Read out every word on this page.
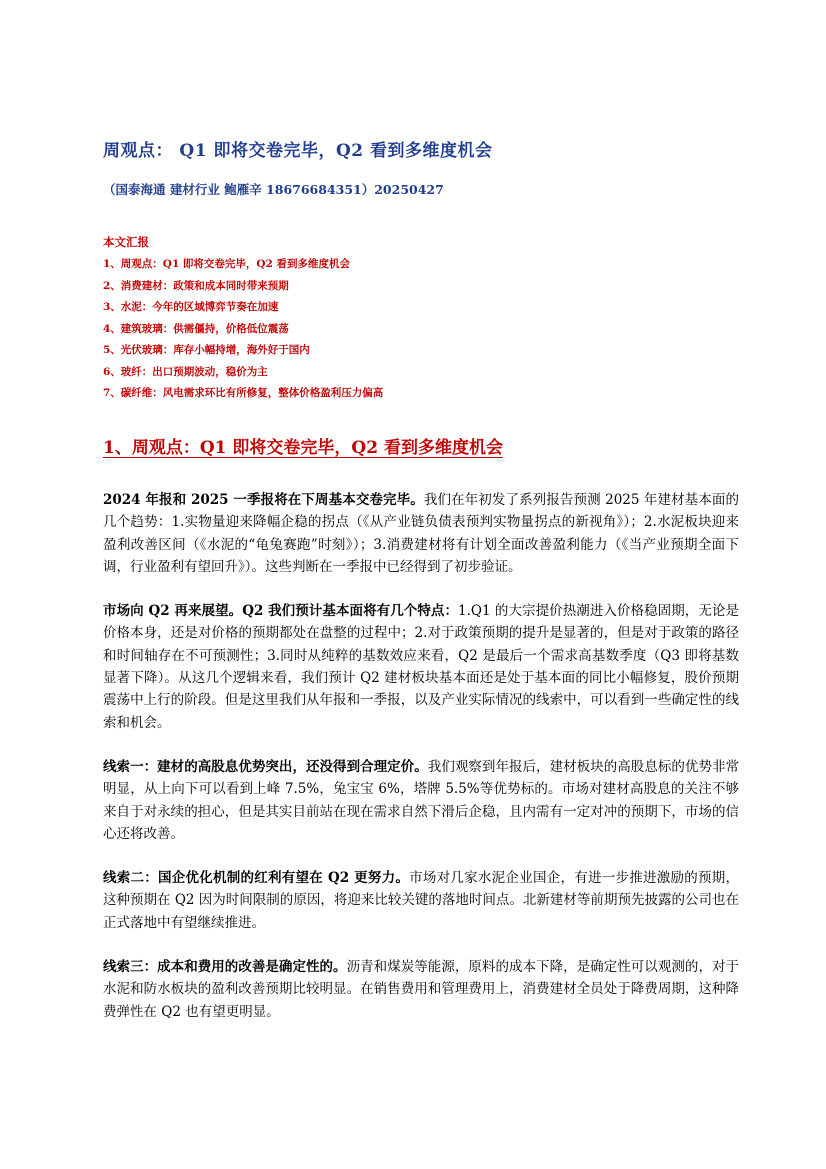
周观点： Q1 即将交卷完毕，Q2 看到多维度机会
（国泰海通 建材行业 鲍雁辛 18676684351）20250427
本文汇报
1、周观点：Q1 即将交卷完毕，Q2 看到多维度机会
2、消费建材：政策和成本同时带来预期
3、水泥：今年的区域博弈节奏在加速
4、建筑玻璃：供需僵持，价格低位震荡
5、光伏玻璃：库存小幅持增，海外好于国内
6、玻纤：出口预期波动，稳价为主
7、碳纤维：风电需求环比有所修复，整体价格盈利压力偏高
1、周观点：Q1 即将交卷完毕，Q2 看到多维度机会

2024 年报和 2025 一季报将在下周基本交卷完毕。我们在年初发了系列报告预测 2025 年建材基本面的几个趋势：1.实物量迎来降幅企稳的拐点（《从产业链负债表预判实物量拐点的新视角》）；2.水泥板块迎来盈利改善区间（《水泥的“龟兔赛跑”时刻》）；3.消费建材将有计划全面改善盈利能力（《当产业预期全面下调，行业盈利有望回升》）。这些判断在一季报中已经得到了初步验证。

市场向 Q2 再来展望。Q2 我们预计基本面将有几个特点：1.Q1 的大宗提价热潮进入价格稳固期，无论是价格本身，还是对价格的预期都处在盘整的过程中；2.对于政策预期的提升是显著的，但是对于政策的路径和时间轴存在不可预测性；3.同时从纯粹的基数效应来看，Q2 是最后一个需求高基数季度（Q3 即将基数显著下降）。从这几个逻辑来看，我们预计 Q2 建材板块基本面还是处于基本面的同比小幅修复，股价预期震荡中上行的阶段。但是这里我们从年报和一季报，以及产业实际情况的线索中，可以看到一些确定性的线索和机会。

线索一：建材的高股息优势突出，还没得到合理定价。我们观察到年报后，建材板块的高股息标的优势非常明显，从上向下可以看到上峰 7.5%，兔宝宝 6%，塔牌 5.5%等优势标的。市场对建材高股息的关注不够来自于对永续的担心，但是其实目前站在现在需求自然下滑后企稳，且内需有一定对冲的预期下，市场的信心还将改善。

线索二：国企优化机制的红利有望在 Q2 更努力。市场对几家水泥企业国企，有进一步推进激励的预期，这种预期在 Q2 因为时间限制的原因，将迎来比较关键的落地时间点。北新建材等前期预先披露的公司也在正式落地中有望继续推进。

线索三：成本和费用的改善是确定性的。沥青和煤炭等能源，原料的成本下降，是确定性可以观测的，对于水泥和防水板块的盈利改善预期比较明显。在销售费用和管理费用上，消费建材全员处于降费周期，这种降费弹性在 Q2 也有望更明显。
